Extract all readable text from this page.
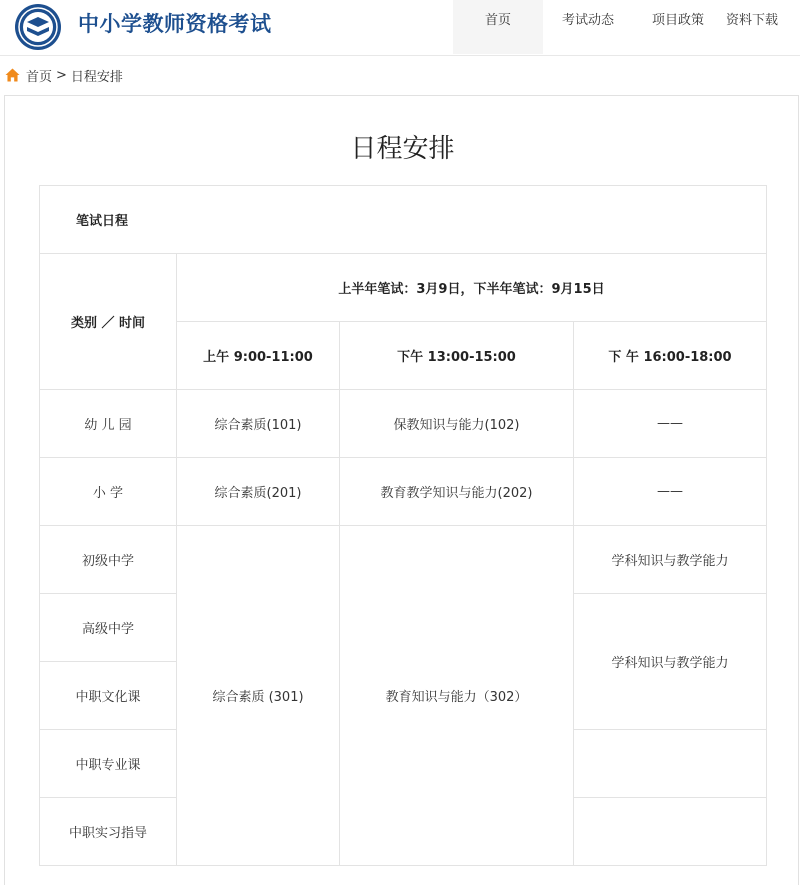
中小学教师资格考试	首页	考试动态	项目政策	资料下载
首页 > 日程安排
日程安排
笔试日程			
类别 ／ 时间	上半年笔试：3月9日，下半年笔试：9月15日		
	上午 9:00-11:00	下午 13:00-15:00	下 午 16:00-18:00
幼 儿 园	综合素质(101)	保教知识与能力(102)	——
小 学	综合素质(201)	教育教学知识与能力(202)	——
初级中学	综合素质 (301)	教育知识与能力（302）	学科知识与教学能力
高级中学			学科知识与教学能力
中职文化课			
中职专业课			
中职实习指导			
